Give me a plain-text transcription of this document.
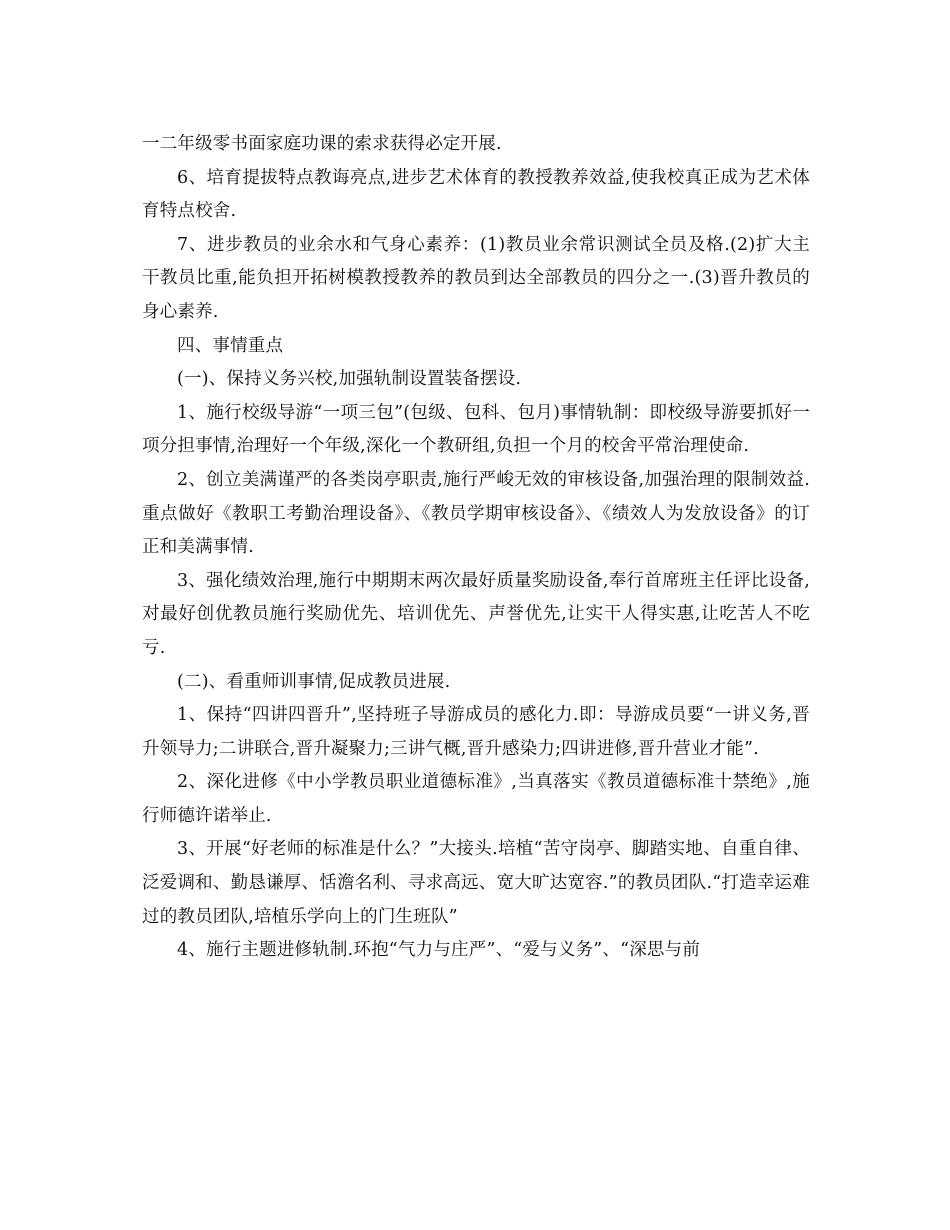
一二年级零书面家庭功课的索求获得必定开展.

6、培育提拔特点教诲亮点,进步艺术体育的教授教养效益,使我校真正成为艺术体育特点校舍.

7、进步教员的业余水和气身心素养：(1)教员业余常识测试全员及格.(2)扩大主干教员比重,能负担开拓树模教授教养的教员到达全部教员的四分之一.(3)晋升教员的身心素养.

四、事情重点

(一)、保持义务兴校,加强轨制设置装备摆设.

1、施行校级导游“一项三包”(包级、包科、包月)事情轨制：即校级导游要抓好一项分担事情,治理好一个年级,深化一个教研组,负担一个月的校舍平常治理使命.

2、创立美满谨严的各类岗亭职责,施行严峻无效的审核设备,加强治理的限制效益.重点做好《教职工考勤治理设备》、《教员学期审核设备》、《绩效人为发放设备》的订正和美满事情.

3、强化绩效治理,施行中期期末两次最好质量奖励设备,奉行首席班主任评比设备,对最好创优教员施行奖励优先、培训优先、声誉优先,让实干人得实惠,让吃苦人不吃亏.

(二)、看重师训事情,促成教员进展.

1、保持“四讲四晋升”,坚持班子导游成员的感化力.即：导游成员要“一讲义务,晋升领导力;二讲联合,晋升凝聚力;三讲气概,晋升感染力;四讲进修,晋升营业才能”.

2、深化进修《中小学教员职业道德标准》,当真落实《教员道德标准十禁绝》,施行师德许诺举止.

3、开展“好老师的标准是什么？”大接头.培植“苦守岗亭、脚踏实地、自重自律、泛爱调和、勤恳谦厚、恬澹名利、寻求高远、宽大旷达宽容.”的教员团队.“打造幸运难过的教员团队,培植乐学向上的门生班队”

4、施行主题进修轨制.环抱“气力与庄严”、“爱与义务”、“深思与前
